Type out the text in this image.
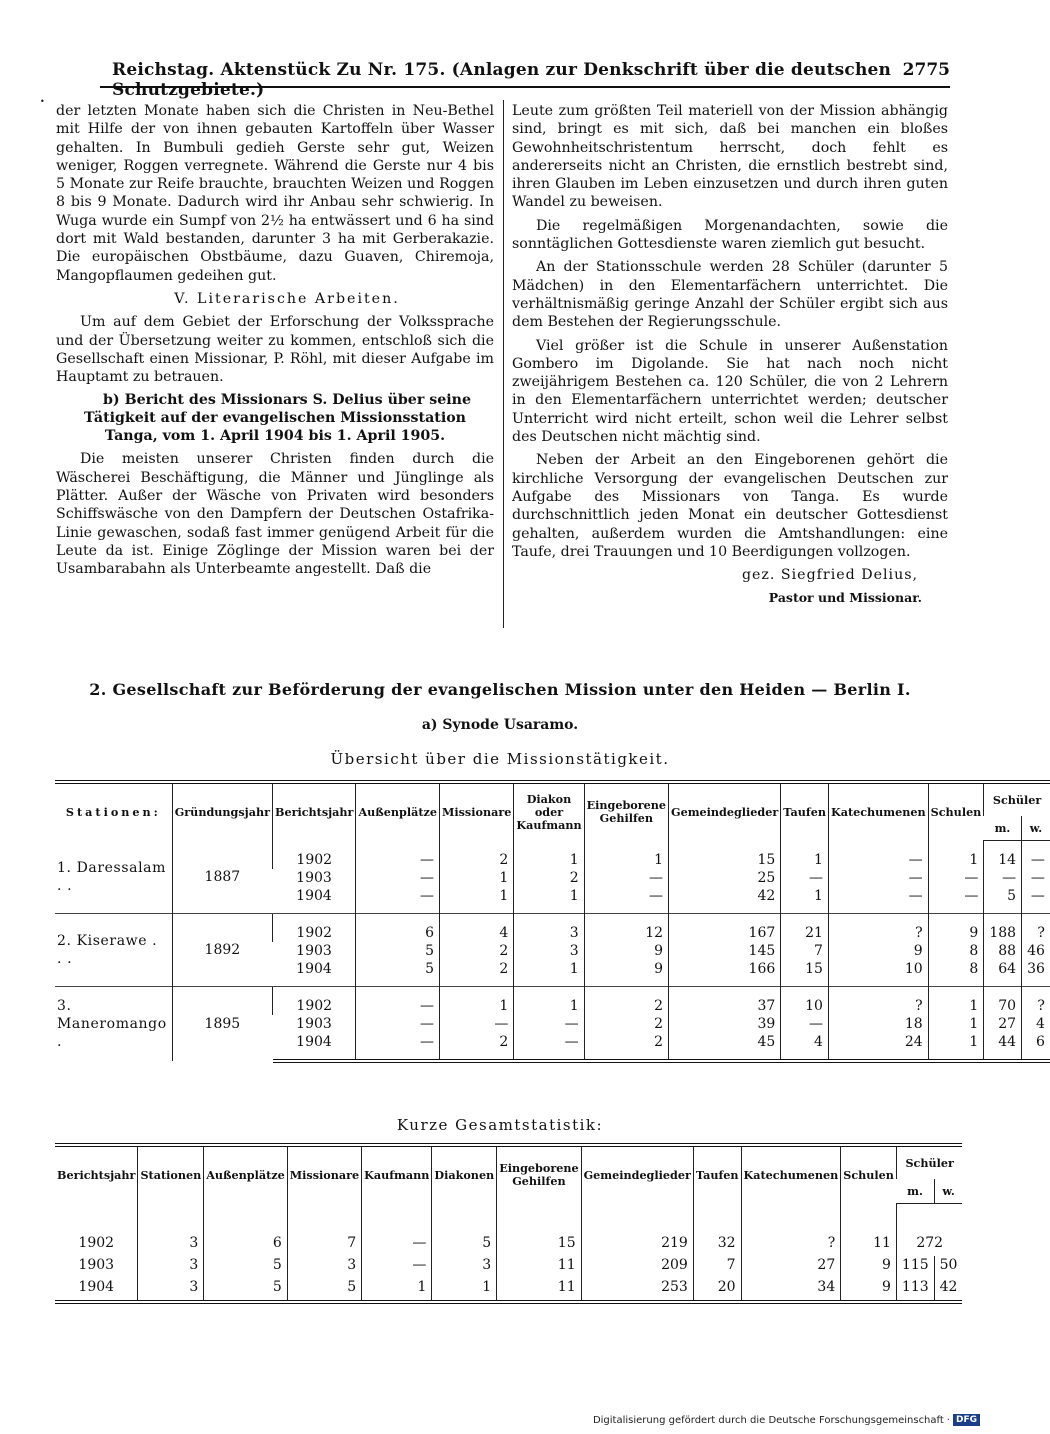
•
Reichstag. Aktenstück Zu Nr. 175. (Anlagen zur Denkschrift über die deutschen Schutzgebiete.)
2775

der letzten Monate haben sich die Christen in Neu-Bethel mit Hilfe der von ihnen gebauten Kartoffeln über Wasser gehalten. In Bumbuli gedieh Gerste sehr gut, Weizen weniger, Roggen verregnete. Während die Gerste nur 4 bis 5 Monate zur Reife brauchte, brauchten Weizen und Roggen 8 bis 9 Monate. Dadurch wird ihr Anbau sehr schwierig. In Wuga wurde ein Sumpf von 2½ ha entwässert und 6 ha sind dort mit Wald bestanden, darunter 3 ha mit Gerberakazie. Die europäischen Obstbäume, dazu Guaven, Chiremoja, Mangopflaumen gedeihen gut.

V. Literarische Arbeiten.

Um auf dem Gebiet der Erforschung der Volkssprache und der Übersetzung weiter zu kommen, entschloß sich die Gesellschaft einen Missionar, P. Röhl, mit dieser Aufgabe im Hauptamt zu betrauen.

b) Bericht des Missionars S. Delius über seine Tätigkeit auf der evangelischen Missionsstation Tanga, vom 1. April 1904 bis 1. April 1905.

Die meisten unserer Christen finden durch die Wäscherei Beschäftigung, die Männer und Jünglinge als Plätter. Außer der Wäsche von Privaten wird besonders Schiffswäsche von den Dampfern der Deutschen Ostafrika-Linie gewaschen, sodaß fast immer genügend Arbeit für die Leute da ist. Einige Zöglinge der Mission waren bei der Usambarabahn als Unterbeamte angestellt. Daß die

Leute zum größten Teil materiell von der Mission abhängig sind, bringt es mit sich, daß bei manchen ein bloßes Gewohnheitschristentum herrscht, doch fehlt es andererseits nicht an Christen, die ernstlich bestrebt sind, ihren Glauben im Leben einzusetzen und durch ihren guten Wandel zu beweisen.

Die regelmäßigen Morgenandachten, sowie die sonntäglichen Gottesdienste waren ziemlich gut besucht.

An der Stationsschule werden 28 Schüler (darunter 5 Mädchen) in den Elementarfächern unterrichtet. Die verhältnismäßig geringe Anzahl der Schüler ergibt sich aus dem Bestehen der Regierungsschule.

Viel größer ist die Schule in unserer Außenstation Gombero im Digolande. Sie hat nach noch nicht zweijährigem Bestehen ca. 120 Schüler, die von 2 Lehrern in den Elementarfächern unterrichtet werden; deutscher Unterricht wird nicht erteilt, schon weil die Lehrer selbst des Deutschen nicht mächtig sind.

Neben der Arbeit an den Eingeborenen gehört die kirchliche Versorgung der evangelischen Deutschen zur Aufgabe des Missionars von Tanga. Es wurde durchschnittlich jeden Monat ein deutscher Gottesdienst gehalten, außerdem wurden die Amtshandlungen: eine Taufe, drei Trauungen und 10 Beerdigungen vollzogen.

gez. Siegfried Delius,

Pastor und Missionar.

2. Gesellschaft zur Beförderung der evangelischen Mission unter den Heiden — Berlin I.
a) Synode Usaramo.
Übersicht über die Missionstätigkeit.
Stationen:	Gründungsjahr	Berichtsjahr	Außenplätze	Missionare	Diakon oder Kaufmann	Eingeborene Gehilfen	Gemeindeglieder	Taufen	Katechumenen	Schulen	Schüler	
											m.	w.
1. Daressalam . .	1887	1902	—	2	1	1	15	1	—	1	14	—
		1903	—	1	2	—	25	—	—	—	—	—
		1904	—	1	1	—	42	1	—	—	5	—
2. Kiserawe . . .	1892	1902	6	4	3	12	167	21	?	9	188	?
		1903	5	2	3	9	145	7	9	8	88	46
		1904	5	2	1	9	166	15	10	8	64	36
3. Maneromango .	1895	1902	—	1	1	2	37	10	?	1	70	?
		1903	—	—	—	2	39	—	18	1	27	4
		1904	—	2	—	2	45	4	24	1	44	6
Kurze Gesamtstatistik:
Berichtsjahr	Stationen	Außenplätze	Missionare	Kaufmann	Diakonen	Eingeborene Gehilfen	Gemeindeglieder	Taufen	Katechumenen	Schulen	Schüler	
											m.	w.
1902	3	6	7	—	5	15	219	32	?	11	272	
1903	3	5	3	—	3	11	209	7	27	9	115	50
1904	3	5	5	1	1	11	253	20	34	9	113	42
Digitalisierung gefördert durch die Deutsche Forschungsgemeinschaft · DFG
